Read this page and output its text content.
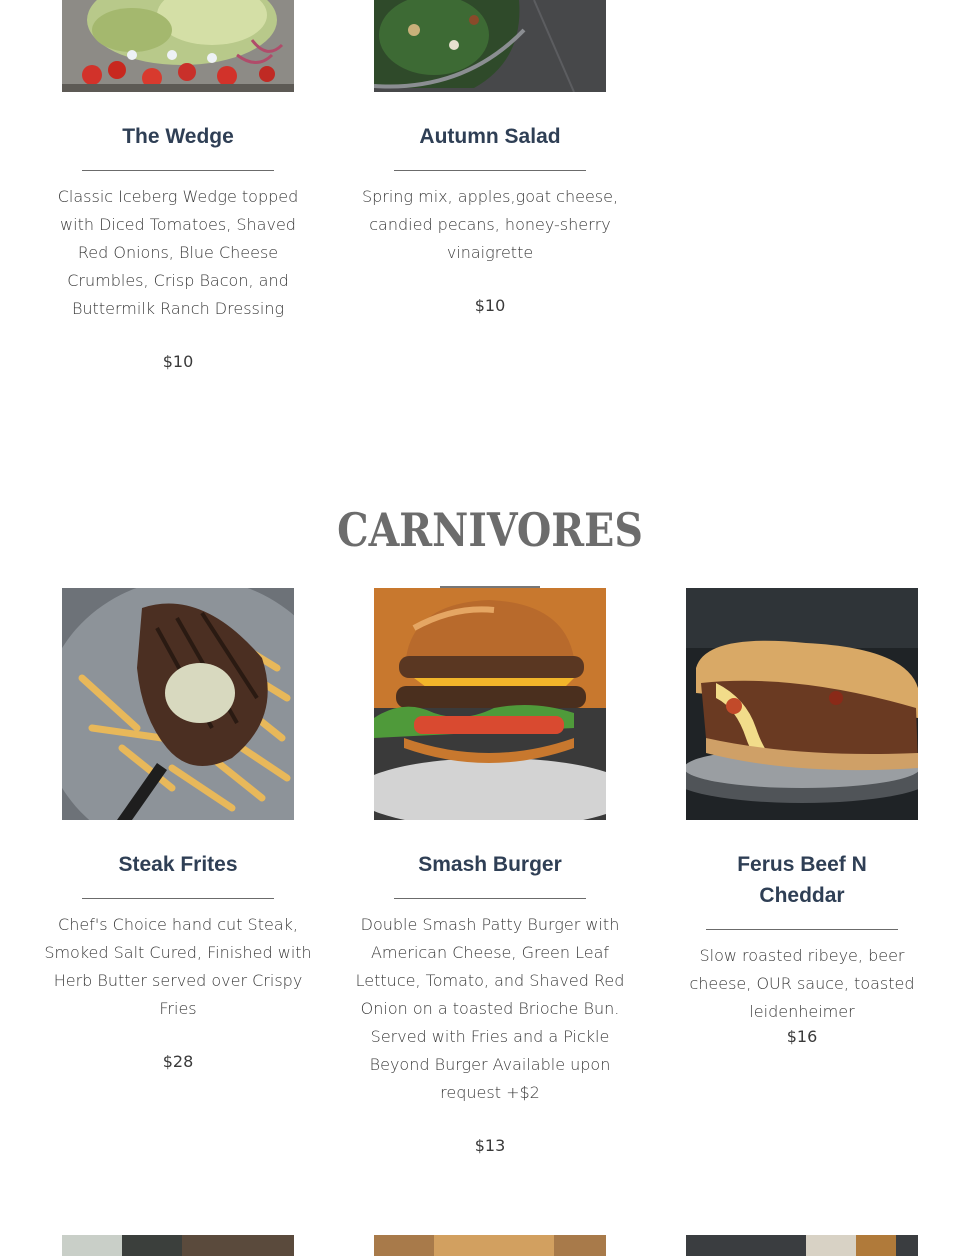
The Wedge
Classic Iceberg Wedge topped with Diced Tomatoes, Shaved Red Onions, Blue Cheese Crumbles, Crisp Bacon, and Buttermilk Ranch Dressing
$10
Autumn Salad
Spring mix, apples,goat cheese, candied pecans, honey-sherry vinaigrette
$10
CARNIVORES
Steak Frites
Chef's Choice hand cut Steak, Smoked Salt Cured, Finished with Herb Butter served over Crispy Fries
$28
Smash Burger
Double Smash Patty Burger with American Cheese, Green Leaf Lettuce, Tomato, and Shaved Red Onion on a toasted Brioche Bun. Served with Fries and a Pickle Beyond Burger Available upon request +$2
$13
Ferus Beef N Cheddar
Slow roasted ribeye, beer cheese, OUR sauce, toasted leidenheimer
$16
